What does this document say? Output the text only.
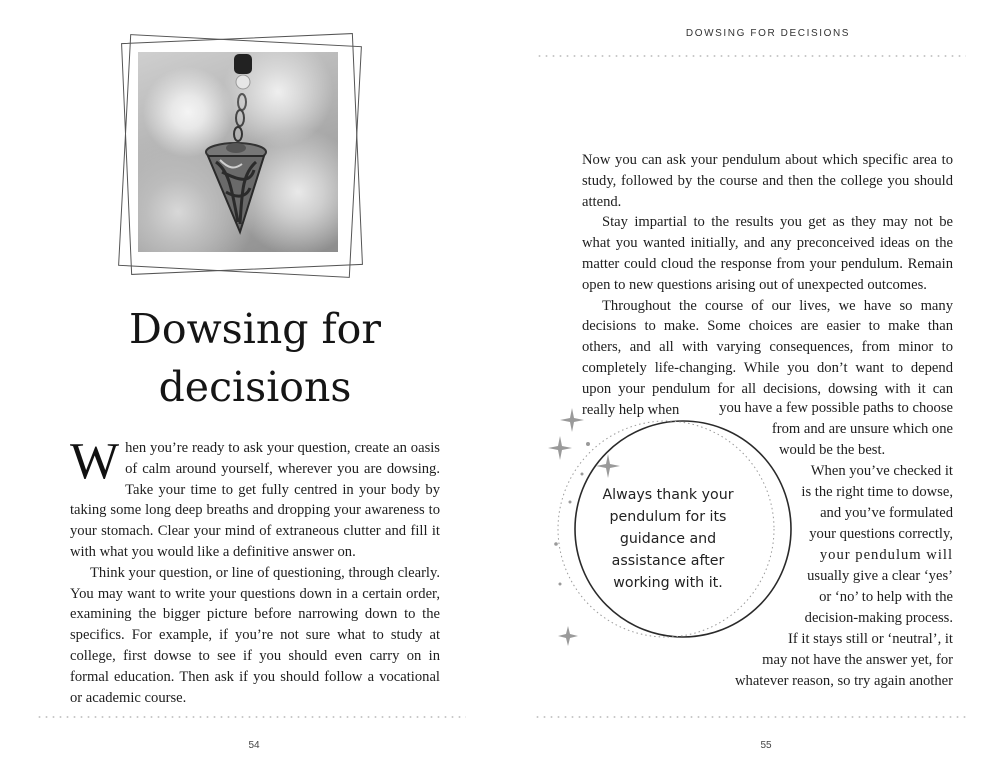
Dowsing for
decisions

When you’re ready to ask your question, create an oasis of calm around yourself, wherever you are dowsing. Take your time to get fully centred in your body by taking some long deep breaths and dropping your awareness to your stomach. Clear your mind of extraneous clutter and fill it with what you would like a definitive answer on.

Think your question, or line of questioning, through clearly. You may want to write your questions down in a certain order, examining the bigger picture before narrowing down to the specifics. For example, if you’re not sure what to study at college, first dowse to see if you should even carry on in formal education. Then ask if you should follow a vocational or academic course.

54
DOWSING FOR DECISIONS

Now you can ask your pendulum about which specific area to study, followed by the course and then the college you should attend.

Stay impartial to the results you get as they may not be what you wanted initially, and any preconceived ideas on the matter could cloud the response from your pendulum. Remain open to new questions arising out of unexpected outcomes.

Throughout the course of our lives, we have so many decisions to make. Some choices are easier to make than others, and all with varying consequences, from minor to completely life-changing. While you don’t want to depend upon your pendulum for all decisions, dowsing with it can really help when

Always thank your pendulum for its guidance and assistance after working with it.
you have a few possible paths to choose
from and are unsure which one
would be the best.
When you’ve checked it
is the right time to dowse,
and you’ve formulated
your questions correctly,
your pendulum will
usually give a clear ‘yes’
or ‘no’ to help with the
decision-making process.
If it stays still or ‘neutral’, it
may not have the answer yet, for
whatever reason, so try again another
55
